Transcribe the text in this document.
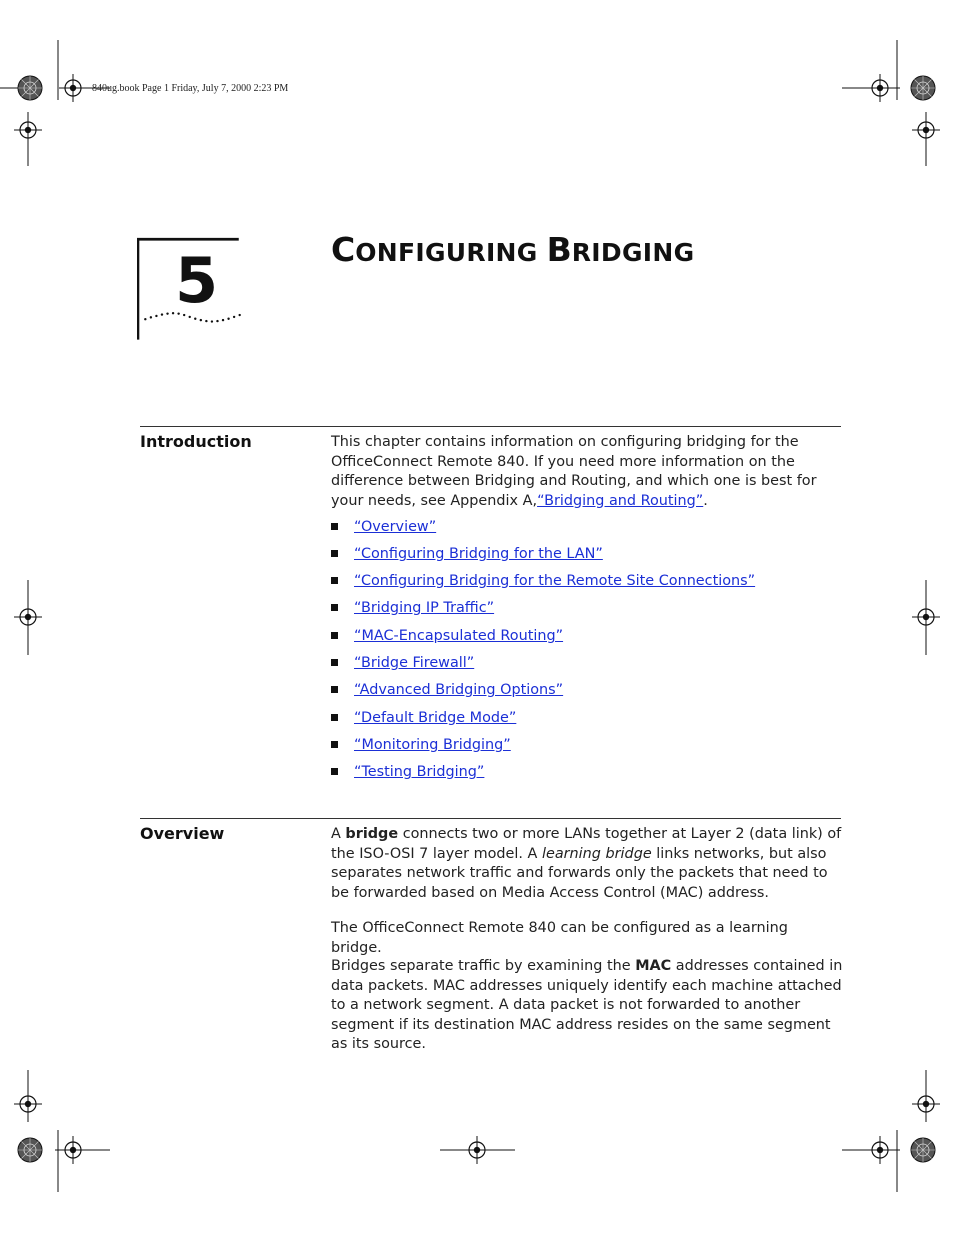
840ug.book Page 1 Friday, July 7, 2000 2:23 PM
5	CONFIGURING BRIDGING
Introduction	This chapter contains information on configuring bridging for the OfficeConnect Remote 840. If you need more information on the difference between Bridging and Routing, and which one is best for your needs, see Appendix A,“Bridging and Routing”.
“Overview”
“Configuring Bridging for the LAN”
“Configuring Bridging for the Remote Site Connections”
“Bridging IP Traffic”
“MAC-Encapsulated Routing”
“Bridge Firewall”
“Advanced Bridging Options”
“Default Bridge Mode”
“Monitoring Bridging”
“Testing Bridging”
Overview	A bridge connects two or more LANs together at Layer 2 (data link) of the ISO-OSI 7 layer model. A learning bridge links networks, but also separates network traffic and forwards only the packets that need to be forwarded based on Media Access Control (MAC) address.
The OfficeConnect Remote 840 can be configured as a learning bridge.
Bridges separate traffic by examining the MAC addresses contained in data packets. MAC addresses uniquely identify each machine attached to a network segment. A data packet is not forwarded to another segment if its destination MAC address resides on the same segment as its source.
